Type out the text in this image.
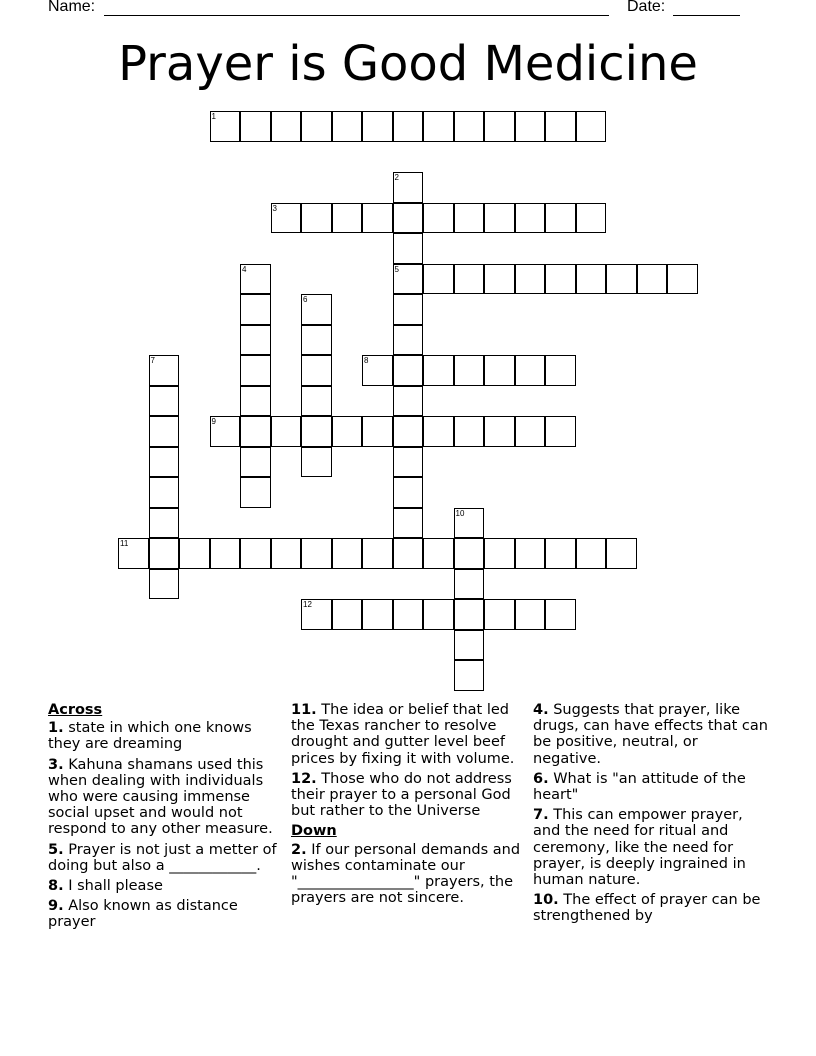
Name:	Date:
Prayer is Good Medicine
1
2
5
3
4
6
7	8
9
10
11
12
Across
1. state in which one knows they are dreaming
3. Kahuna shamans used this when dealing with individuals who were causing immense social upset and would not respond to any other measure.
5. Prayer is not just a metter of doing but also a ____________.
8. I shall please
9. Also known as distance prayer
11. The idea or belief that led the Texas rancher to resolve drought and gutter level beef prices by fixing it with volume.
12. Those who do not address their prayer to a personal God but rather to the Universe
Down
2. If our personal demands and wishes contaminate our "________________" prayers, the prayers are not sincere.
4. Suggests that prayer, like drugs, can have effects that can be positive, neutral, or negative.
6. What is "an attitude of the heart"
7. This can empower prayer, and the need for ritual and ceremony, like the need for prayer, is deeply ingrained in human nature.
10. The effect of prayer can be strengthened by
